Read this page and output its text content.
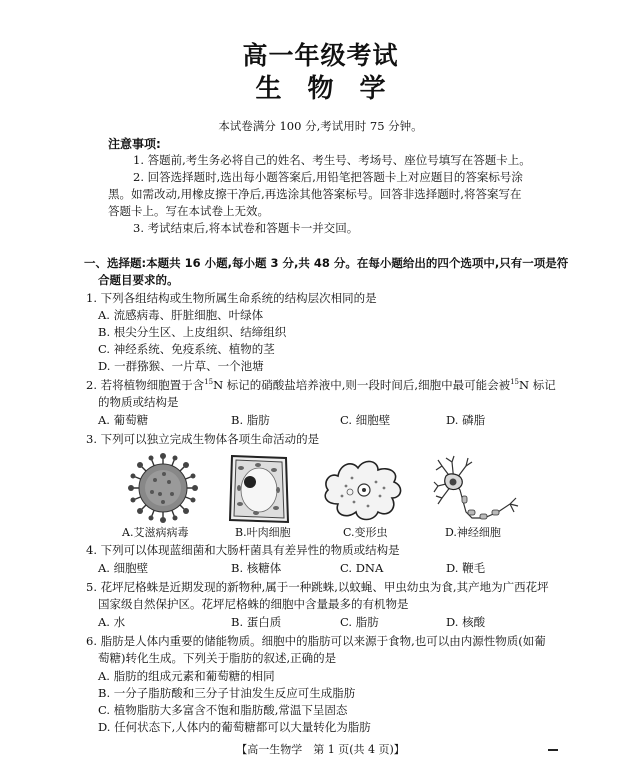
高一年级考试
生物学
本试卷满分 100 分,考试用时 75 分钟。
注意事项:
1. 答题前,考生务必将自己的姓名、考生号、考场号、座位号填写在答题卡上。
2. 回答选择题时,选出每小题答案后,用铅笔把答题卡上对应题目的答案标号涂
黑。如需改动,用橡皮擦干净后,再选涂其他答案标号。回答非选择题时,将答案写在
答题卡上。写在本试卷上无效。
3. 考试结束后,将本试卷和答题卡一并交回。
一、选择题:本题共 16 小题,每小题 3 分,共 48 分。在每小题给出的四个选项中,只有一项是符
合题目要求的。
1. 下列各组结构或生物所属生命系统的结构层次相同的是
A. 流感病毒、肝脏细胞、叶绿体
B. 根尖分生区、上皮组织、结缔组织
C. 神经系统、免疫系统、植物的茎
D. 一群猕猴、一片草、一个池塘
2. 若将植物细胞置于含$^{15}$N 标记的硝酸盐培养液中,则一段时间后,细胞中最可能会被$^{15}$N 标记
的物质或结构是
A. 葡萄糖	B. 脂肪	C. 细胞壁	D. 磷脂
3. 下列可以独立完成生物体各项生命活动的是
A.艾滋病病毒	B.叶肉细胞	C.变形虫	D.神经细胞
4. 下列可以体现蓝细菌和大肠杆菌具有差异性的物质或结构是
A. 细胞壁	B. 核糖体	C. DNA	D. 鞭毛
5. 花坪尼格蛛是近期发现的新物种,属于一种跳蛛,以蚊蝇、甲虫幼虫为食,其产地为广西花坪
国家级自然保护区。花坪尼格蛛的细胞中含量最多的有机物是
A. 水	B. 蛋白质	C. 脂肪	D. 核酸
6. 脂肪是人体内重要的储能物质。细胞中的脂肪可以来源于食物,也可以由内源性物质(如葡
萄糖)转化生成。下列关于脂肪的叙述,正确的是
A. 脂肪的组成元素和葡萄糖的相同
B. 一分子脂肪酸和三分子甘油发生反应可生成脂肪
C. 植物脂肪大多富含不饱和脂肪酸,常温下呈固态
D. 任何状态下,人体内的葡萄糖都可以大量转化为脂肪
【高一生物学　第 1 页(共 4 页)】
